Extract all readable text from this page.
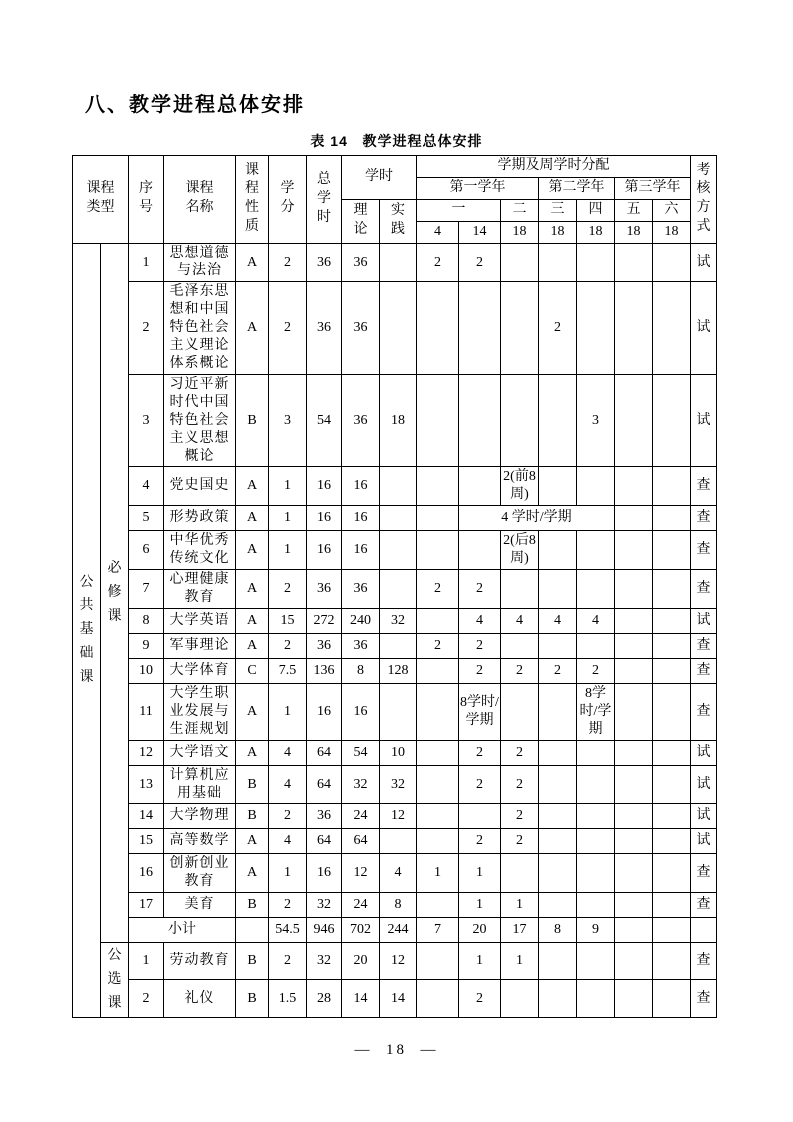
八、教学进程总体安排
表 14   教学进程总体安排
课程类型		序号	课程名称	课程性质	学分	总学时	学时		学期及周学时分配							考核方式

									第一学年			第二学年		第三学年		

							理论	实践	一		二	三	四	五	六	
									4	14	18	18	18	18	18	

公共基础课	必修课	1	思想道德与法治	A	2	36	36		2	2						试
		2	毛泽东思想和中国特色社会主义理论体系概论	A	2	36	36					2				试
		3	习近平新时代中国特色社会主义思想概论	B	3	54	36	18					3			试
		4	党史国史	A	1	16	16				2(前8周)					查
		5	形势政策	A	1	16	16			4 学时/学期						查
		6	中华优秀传统文化	A	1	16	16				2(后8周)					查
		7	心理健康教育	A	2	36	36		2	2						查
		8	大学英语	A	15	272	240	32		4	4	4	4			试
		9	军事理论	A	2	36	36		2	2						查
		10	大学体育	C	7.5	136	8	128		2	2	2	2			查
		11	大学生职业发展与生涯规划	A	1	16	16			8学时/学期			8学时/学期			查
		12	大学语文	A	4	64	54	10		2	2					试
		13	计算机应用基础	B	4	64	32	32		2	2					试
		14	大学物理	B	2	36	24	12			2					试
		15	高等数学	A	4	64	64			2	2					试
		16	创新创业教育	A	1	16	12	4	1	1						查
		17	美育	B	2	32	24	8		1	1					查
		小计			54.5	946	702	244	7	20	17	8	9			

	公选课	1	劳动教育	B	2	32	20	12		1	1					查
		2	礼仪	B	1.5	28	14	14		2						查
—  18  —
